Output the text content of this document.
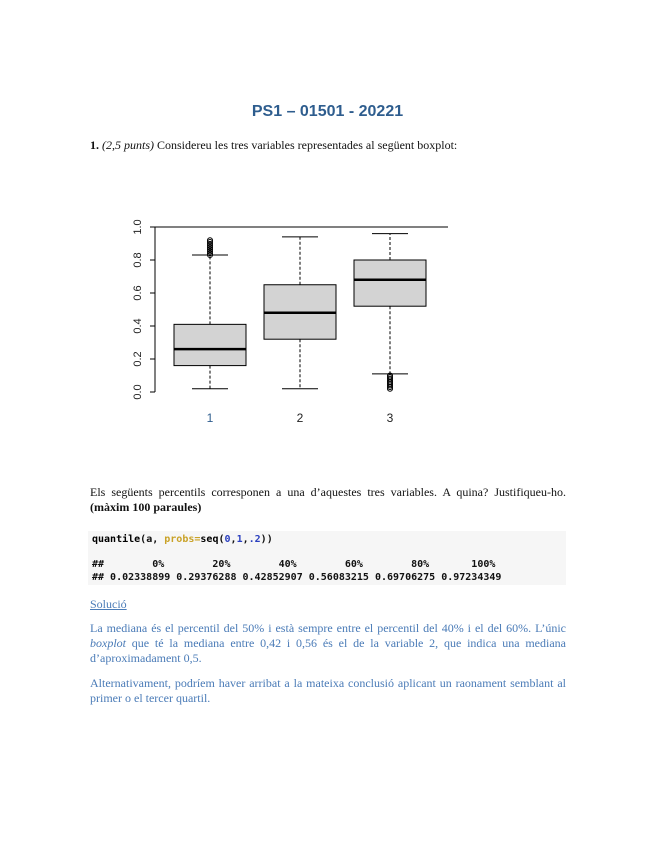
PS1 – 01501 - 20221
1. (2,5 punts) Considereu les tres variables representades al següent boxplot:
0.0
0.2
0.4
0.6
0.8
1.0
1	2	3
Els següents percentils corresponen a una d’aquestes tres variables. A quina? Justifiqueu-ho. (màxim 100 paraules)
quantile(a, probs=seq(0,1,.2))
##        0%        20%        40%        60%        80%       100%
## 0.02338899 0.29376288 0.42852907 0.56083215 0.69706275 0.97234349
Solució
La mediana és el percentil del 50% i està sempre entre el percentil del 40% i el del 60%. L’únic boxplot que té la mediana entre 0,42 i 0,56 és el de la variable 2, que indica una mediana d’aproximadament 0,5.
Alternativament, podríem haver arribat a la mateixa conclusió aplicant un raonament semblant al primer o el tercer quartil.
